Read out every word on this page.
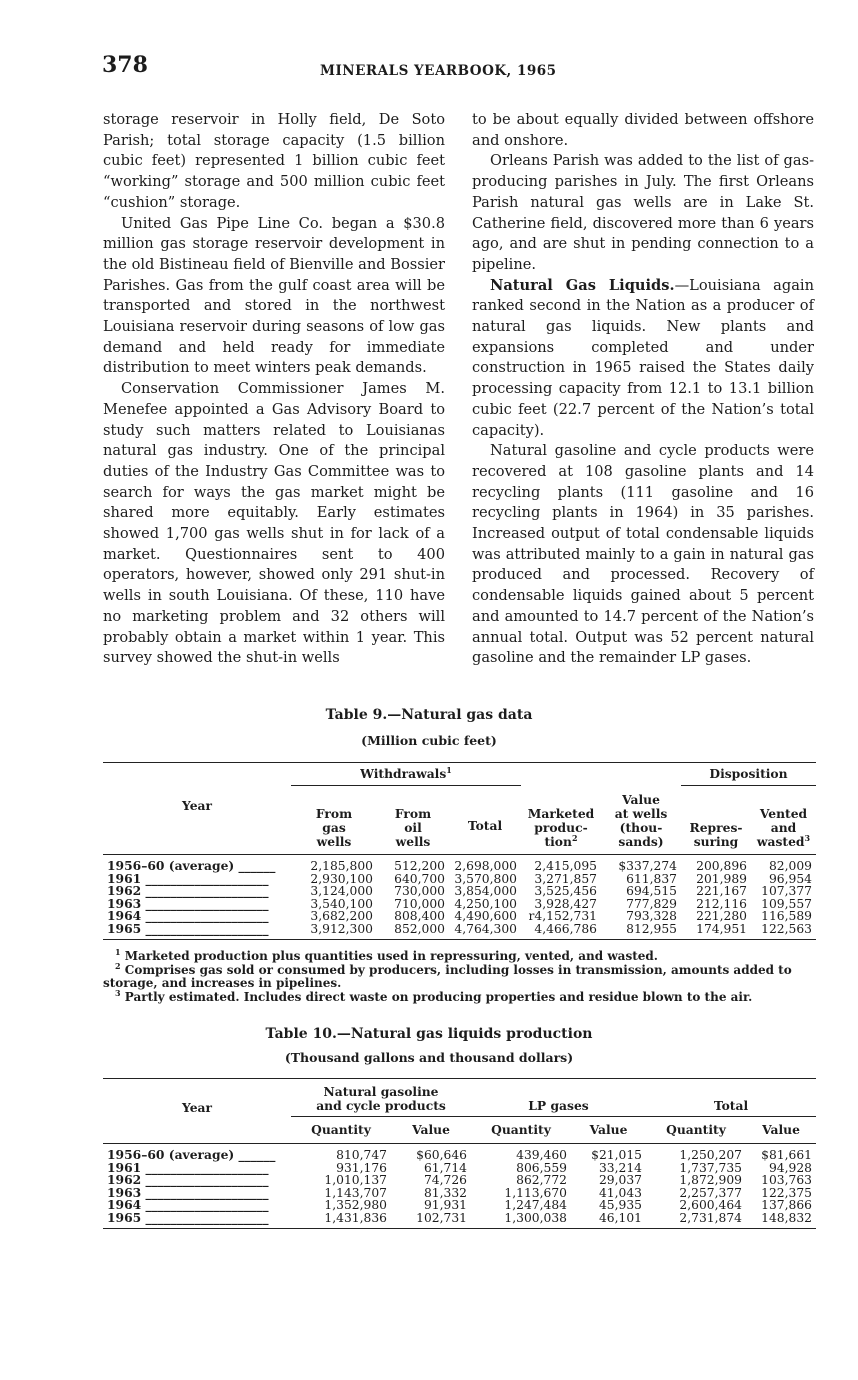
378	MINERALS YEARBOOK, 1965

storage reservoir in Holly field, De Soto Parish; total storage capacity (1.5 billion cubic feet) represented 1 billion cubic feet “working” storage and 500 million cubic feet “cushion” storage.

United Gas Pipe Line Co. began a $30.8 million gas storage reservoir development in the old Bistineau field of Bienville and Bossier Parishes. Gas from the gulf coast area will be transported and stored in the northwest Louisiana reservoir during seasons of low gas demand and held ready for immediate distribution to meet winters peak demands.

Conservation Commissioner James M. Menefee appointed a Gas Advisory Board to study such matters related to Louisianas natural gas industry. One of the principal duties of the Industry Gas Committee was to search for ways the gas market might be shared more equitably. Early estimates showed 1,700 gas wells shut in for lack of a market. Questionnaires sent to 400 operators, however, showed only 291 shut-in wells in south Louisiana. Of these, 110 have no marketing problem and 32 others will probably obtain a market within 1 year. This survey showed the shut-in wells

to be about equally divided between offshore and onshore.

Orleans Parish was added to the list of gas-producing parishes in July. The first Orleans Parish natural gas wells are in Lake St. Catherine field, discovered more than 6 years ago, and are shut in pending connection to a pipeline.

Natural Gas Liquids.—Louisiana again ranked second in the Nation as a producer of natural gas liquids. New plants and expansions completed and under construction in 1965 raised the States daily processing capacity from 12.1 to 13.1 billion cubic feet (22.7 percent of the Nation’s total capacity).

Natural gasoline and cycle products were recovered at 108 gasoline plants and 14 recycling plants (111 gasoline and 16 recycling plants in 1964) in 35 parishes. Increased output of total condensable liquids was attributed mainly to a gain in natural gas produced and processed. Recovery of condensable liquids gained about 5 percent and amounted to 14.7 percent of the Nation’s annual total. Output was 52 percent natural gasoline and the remainder LP gases.

Table 9.—Natural gas data
(Million cubic feet)
Year	Withdrawals$^1$					Disposition	
	From
gas
wells	From
oil
wells	Total	Marketed
produc-
tion$^2$	Value
at wells
(thou-
sands)	Repres-
suring	Vented
and
wasted$^3$

1956–60 (average) ______	2,185,800	512,200	2,698,000	2,415,095	$337,274	200,896	82,009
1961 ____________________	2,930,100	640,700	3,570,800	3,271,857	611,837	201,989	96,954
1962 ____________________	3,124,000	730,000	3,854,000	3,525,456	694,515	221,167	107,377
1963 ____________________	3,540,100	710,000	4,250,100	3,928,427	777,829	212,116	109,557
1964 ____________________	3,682,200	808,400	4,490,600	r4,152,731	793,328	221,280	116,589
1965 ____________________	3,912,300	852,000	4,764,300	4,466,786	812,955	174,951	122,563

$^1$ Marketed production plus quantities used in repressuring, vented, and wasted.

$^2$ Comprises gas sold or consumed by producers, including losses in transmission, amounts added to storage, and increases in pipelines.

$^3$ Partly estimated. Includes direct waste on producing properties and residue blown to the air.

Table 10.—Natural gas liquids production
(Thousand gallons and thousand dollars)
Year	Natural gasoline
and cycle products		LP gases		Total	
	Quantity	Value	Quantity	Value	Quantity	Value

1956–60 (average) ______	810,747	$60,646	439,460	$21,015	1,250,207	$81,661
1961 ____________________	931,176	61,714	806,559	33,214	1,737,735	94,928
1962 ____________________	1,010,137	74,726	862,772	29,037	1,872,909	103,763
1963 ____________________	1,143,707	81,332	1,113,670	41,043	2,257,377	122,375
1964 ____________________	1,352,980	91,931	1,247,484	45,935	2,600,464	137,866
1965 ____________________	1,431,836	102,731	1,300,038	46,101	2,731,874	148,832
